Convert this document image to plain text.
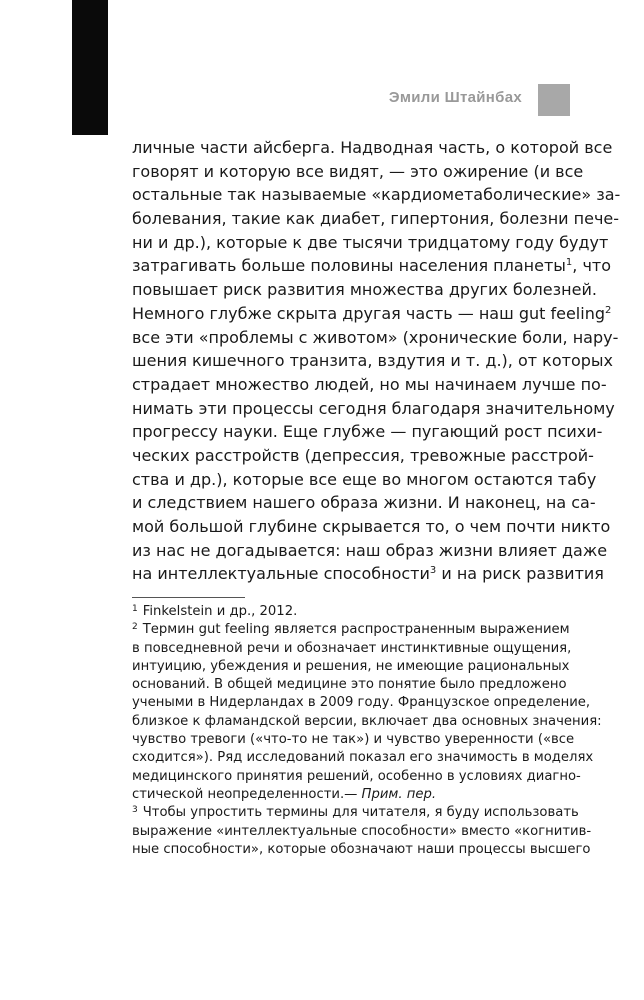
Эмили Штайнбах
личные части айсберга. Надводная часть, о которой все
говорят и которую все видят, — это ожирение (и все
остальные так называемые «кардиометаболические» за-
болевания, такие как диабет, гипертония, болезни пече-
ни и др.), которые к две тысячи тридцатому году будут
затрагивать больше половины населения планеты$^1$, что
повышает риск развития множества других болезней.
Немного глубже скрыта другая часть — наш gut feeling$^2$
все эти «проблемы с животом» (хронические боли, нару-
шения кишечного транзита, вздутия и т. д.), от которых
страдает множество людей, но мы начинаем лучше по-
нимать эти процессы сегодня благодаря значительному
прогрессу науки. Еще глубже — пугающий рост психи-
ческих расстройств (депрессия, тревожные расстрой-
ства и др.), которые все еще во многом остаются табу
и следствием нашего образа жизни. И наконец, на са-
мой большой глубине скрывается то, о чем почти никто
из нас не догадывается: наш образ жизни влияет даже
на интеллектуальные способности$^3$ и на риск развития
$^1$ Finkelstein и др., 2012.
$^2$ Термин gut feeling является распространенным выражением
в повседневной речи и обозначает инстинктивные ощущения,
интуицию, убеждения и решения, не имеющие рациональных
оснований. В общей медицине это понятие было предложено
учеными в Нидерландах в 2009 году. Французское определение,
близкое к фламандской версии, включает два основных значения:
чувство тревоги («что-то не так») и чувство уверенности («все
сходится»). Ряд исследований показал его значимость в моделях
медицинского принятия решений, особенно в условиях диагно-
стической неопределенности.— Прим. пер.
$^3$ Чтобы упростить термины для читателя, я буду использовать
выражение «интеллектуальные способности» вместо «когнитив-
ные способности», которые обозначают наши процессы высшего
